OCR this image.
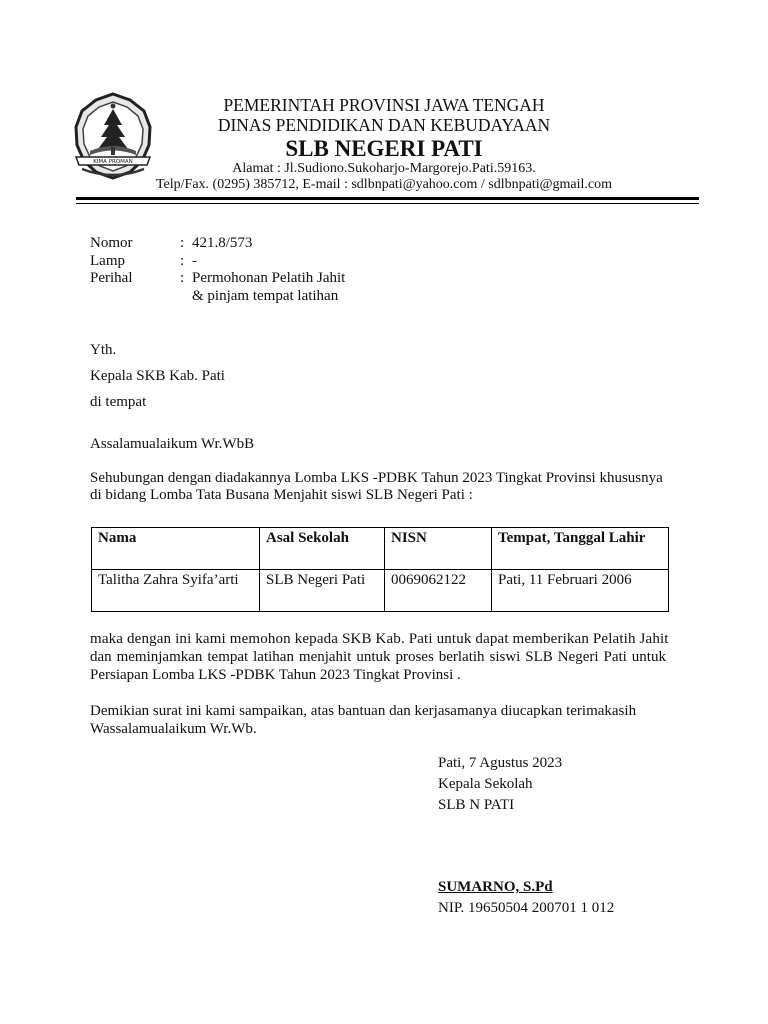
KIMA PROMAN
PEMERINTAH PROVINSI JAWA TENGAH
DINAS PENDIDIKAN DAN KEBUDAYAAN
SLB NEGERI PATI
Alamat : Jl.Sudiono.Sukoharjo-Margorejo.Pati.59163.
Telp/Fax. (0295) 385712, E-mail : sdlbnpati@yahoo.com / sdlbnpati@gmail.com
Nomor	: 421.8/573
Lamp	: -
Perihal	: Permohonan Pelatih Jahit
& pinjam tempat latihan
Yth.
Kepala SKB Kab. Pati
di tempat
Assalamualaikum Wr.WbB
Sehubungan dengan diadakannya Lomba LKS -PDBK Tahun 2023 Tingkat Provinsi khususnya
di bidang Lomba Tata Busana Menjahit siswi SLB Negeri Pati :
Nama	Asal Sekolah	NISN	Tempat, Tanggal Lahir
Talitha Zahra Syifa’arti	SLB Negeri Pati	0069062122	Pati, 11 Februari 2006
maka dengan ini kami memohon kepada SKB Kab. Pati untuk dapat memberikan Pelatih Jahit
dan meminjamkan tempat latihan menjahit untuk proses berlatih siswi SLB Negeri Pati untuk
Persiapan Lomba LKS -PDBK Tahun 2023 Tingkat Provinsi .
Demikian surat ini kami sampaikan, atas bantuan dan kerjasamanya diucapkan terimakasih
Wassalamualaikum Wr.Wb.
Pati, 7 Agustus 2023
Kepala Sekolah
SLB N PATI
SUMARNO, S.Pd
NIP. 19650504 200701 1 012
